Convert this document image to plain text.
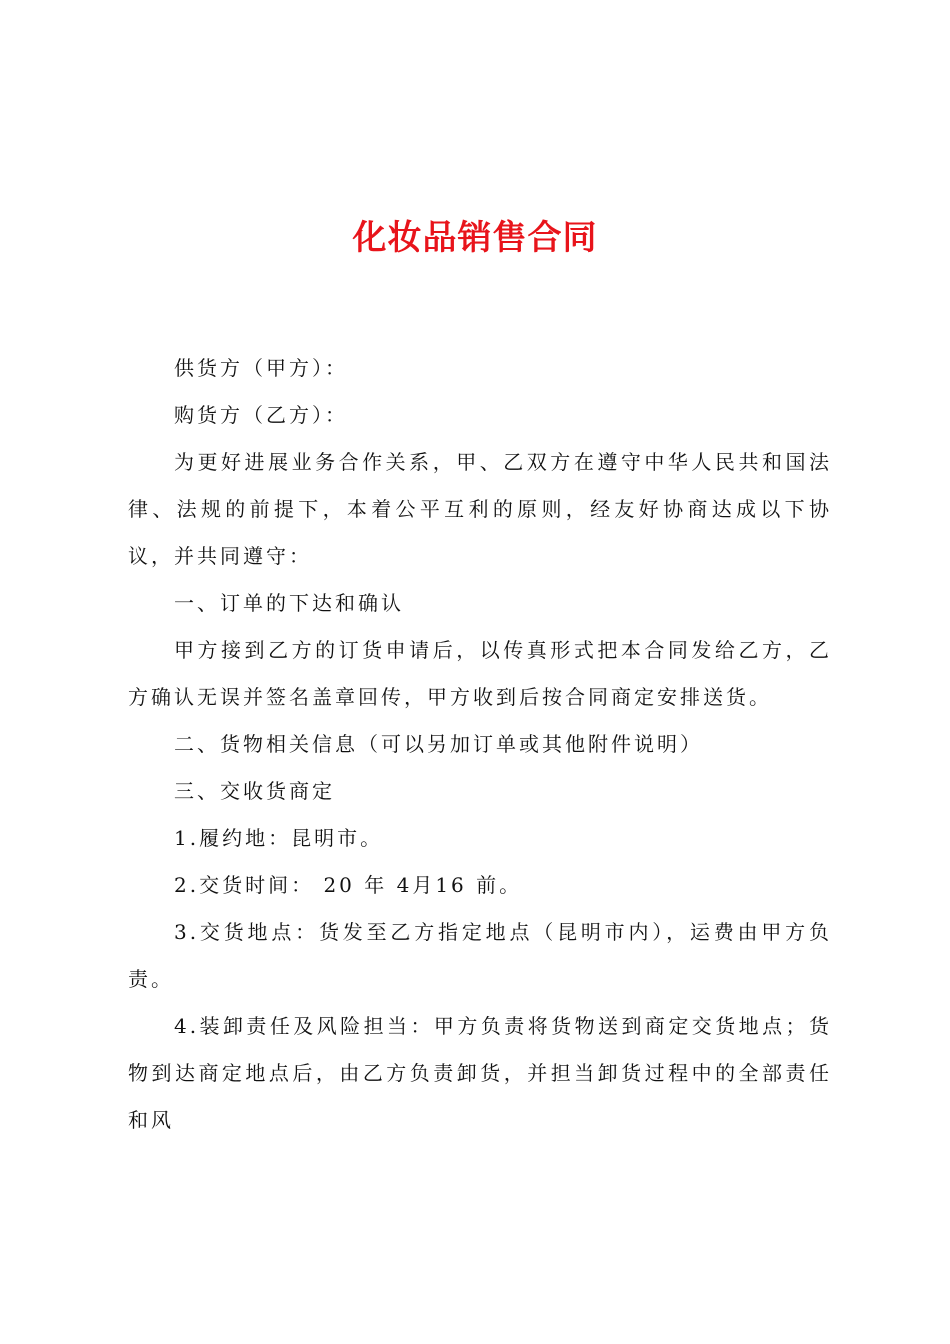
化妆品销售合同

供货方（甲方）：

购货方（乙方）：

为更好进展业务合作关系，甲、乙双方在遵守中华人民共和国法律、法规的前提下，本着公平互利的原则，经友好协商达成以下协议，并共同遵守：

一、订单的下达和确认

甲方接到乙方的订货申请后，以传真形式把本合同发给乙方，乙方确认无误并签名盖章回传，甲方收到后按合同商定安排送货。

二、货物相关信息（可以另加订单或其他附件说明）

三、交收货商定

1.履约地：昆明市。

2.交货时间： 20 年 4月16 前。

3.交货地点：货发至乙方指定地点（昆明市内），运费由甲方负责。

4.装卸责任及风险担当：甲方负责将货物送到商定交货地点；货物到达商定地点后，由乙方负责卸货，并担当卸货过程中的全部责任和风
